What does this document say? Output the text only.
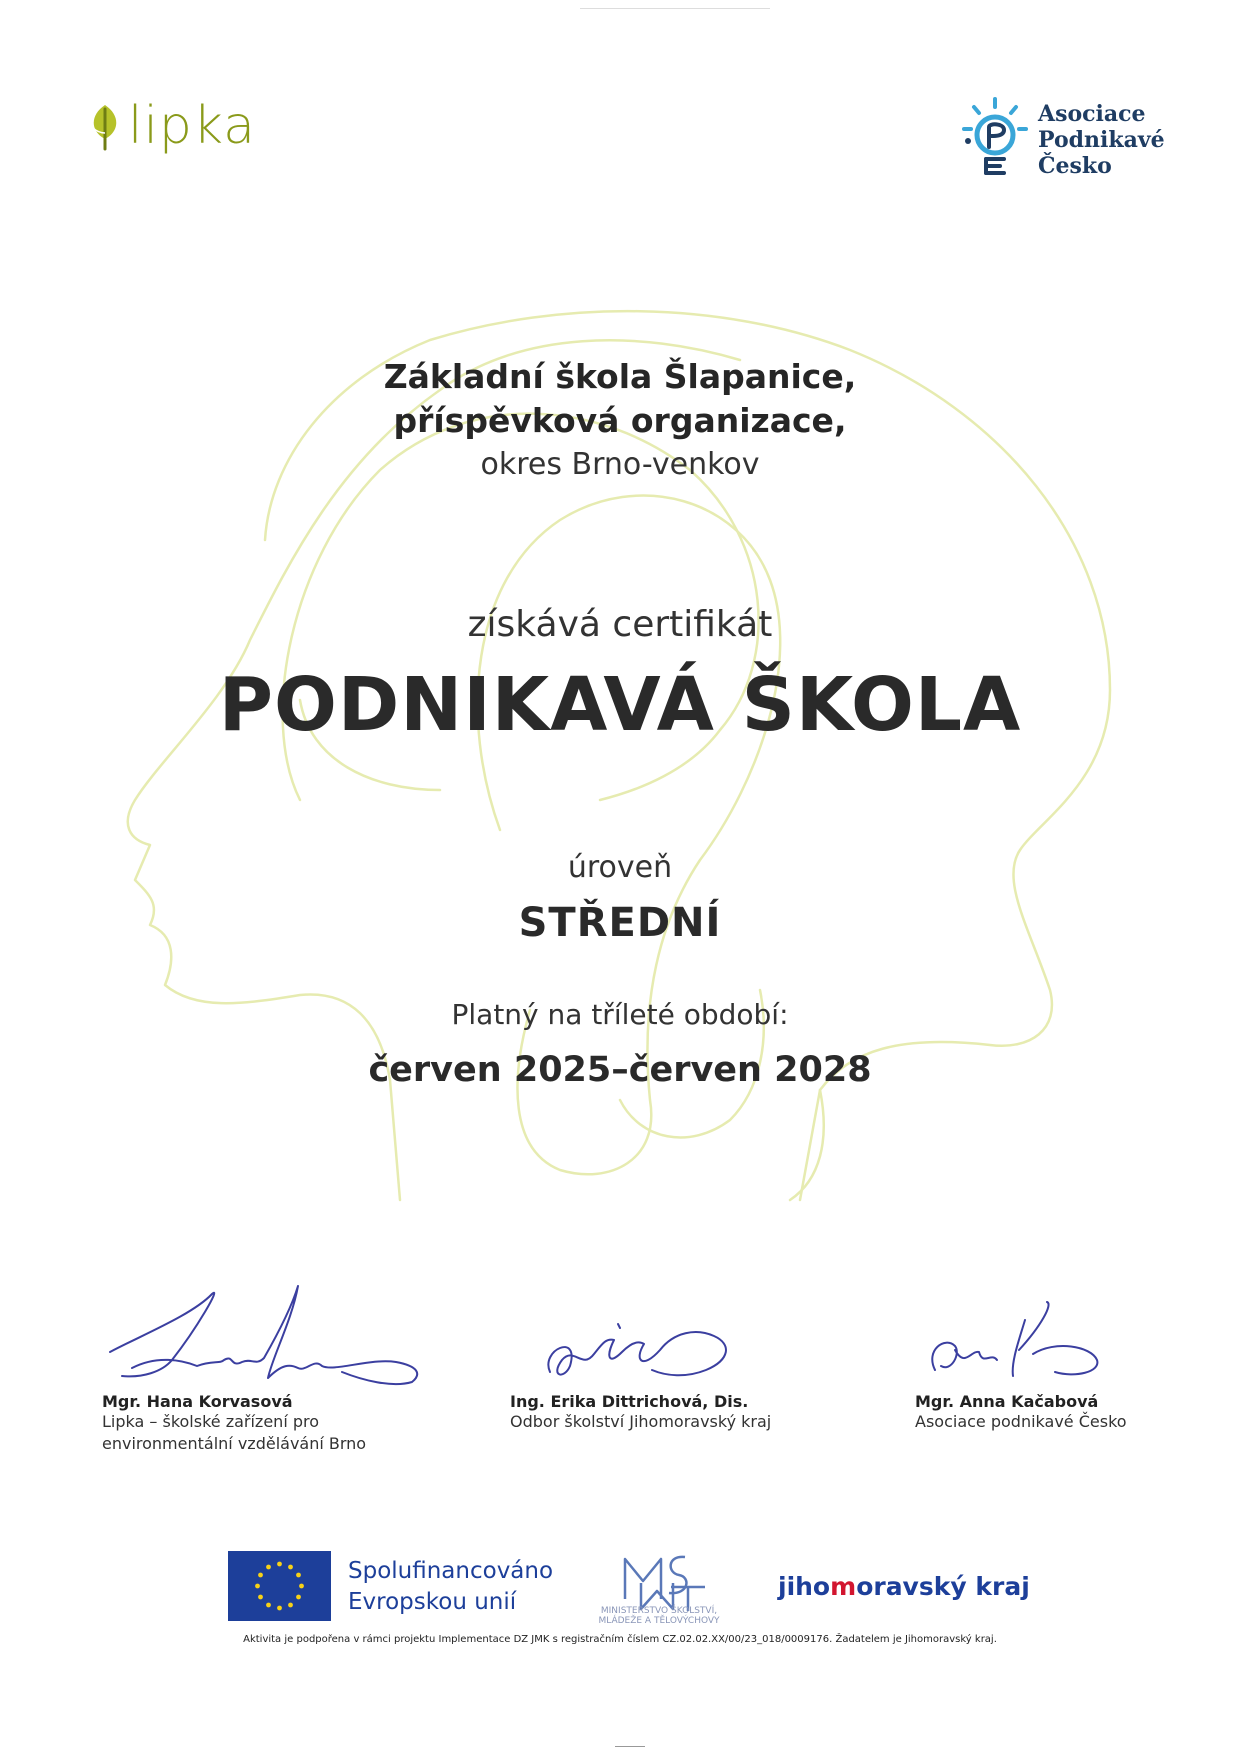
lipka	Asociace
Podnikavé
Česko
Základní škola Šlapanice,
příspěvková organizace,
okres Brno-venkov
získává certifikát
PODNIKAVÁ ŠKOLA
úroveň
STŘEDNÍ
Platný na tříleté období:
červen 2025–červen 2028
Mgr. Hana Korvasová
Lipka – školské zařízení pro
environmentální vzdělávání Brno
Ing. Erika Dittrichová, Dis.
Odbor školství Jihomoravský kraj
Mgr. Anna Kačabová
Asociace podnikavé Česko
Spolufinancováno
Evropskou unií	MINISTERSTVO ŠKOLSTVÍ,
MLÁDEŽE A TĚLOVÝCHOVY
jihomoravský kraj
Aktivita je podpořena v rámci projektu Implementace DZ JMK s registračním číslem CZ.02.02.XX/00/23_018/0009176. Žadatelem je Jihomoravský kraj.
